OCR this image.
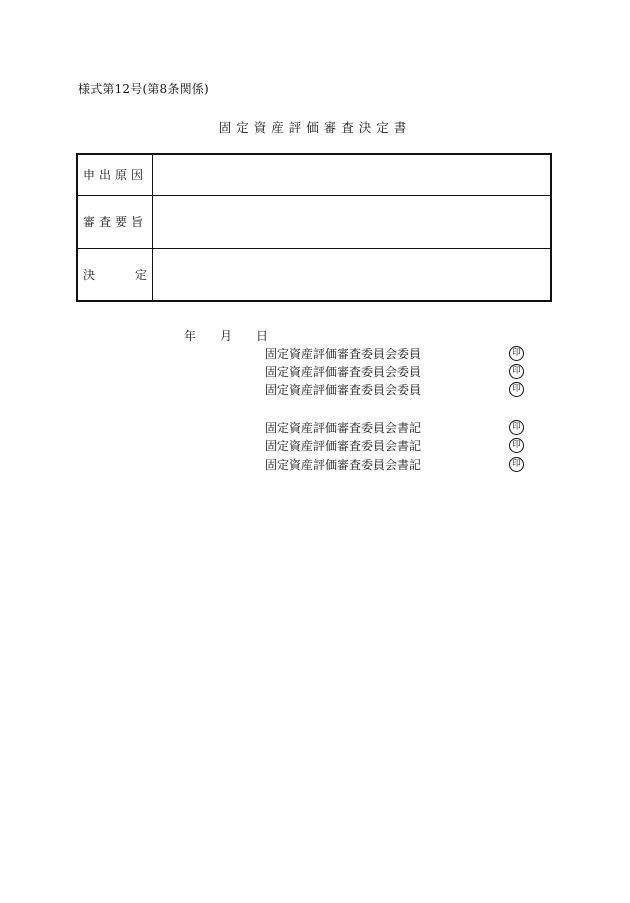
様式第12号(第8条関係)
固定資産評価審査決定書
申出原因	

審査要旨	

決 定	

年 月 日
固定資産評価審査委員会委員	印
固定資産評価審査委員会委員	印
固定資産評価審査委員会委員	印
固定資産評価審査委員会書記	印
固定資産評価審査委員会書記	印
固定資産評価審査委員会書記	印
